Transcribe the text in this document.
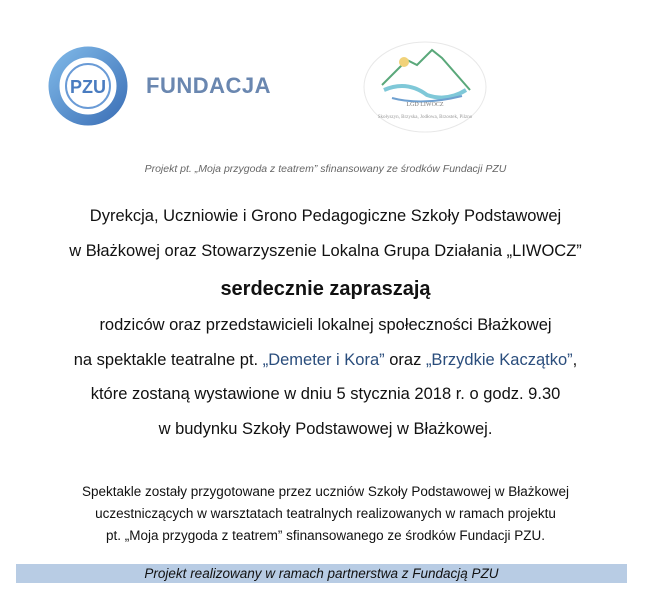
PZU FUNDACJA
LGD LIWOCZ
Skołyszyn, Brzyska, Jodłowa, Brzostek, Pilzno
Projekt pt. „Moja przygoda z teatrem” sfinansowany ze środków Fundacji PZU
Dyrekcja, Uczniowie i Grono Pedagogiczne Szkoły Podstawowej
w Błażkowej oraz Stowarzyszenie Lokalna Grupa Działania „LIWOCZ”
serdecznie zapraszają
rodziców oraz przedstawicieli lokalnej społeczności Błażkowej
na spektakle teatralne pt. „Demeter i Kora” oraz „Brzydkie Kaczątko”,
które zostaną wystawione w dniu 5 stycznia 2018 r. o godz. 9.30
w budynku Szkoły Podstawowej w Błażkowej.
Spektakle zostały przygotowane przez uczniów Szkoły Podstawowej w Błażkowej
uczestniczących w warsztatach teatralnych realizowanych w ramach projektu
pt. „Moja przygoda z teatrem” sfinansowanego ze środków Fundacji PZU.
Projekt realizowany w ramach partnerstwa z Fundacją PZU
